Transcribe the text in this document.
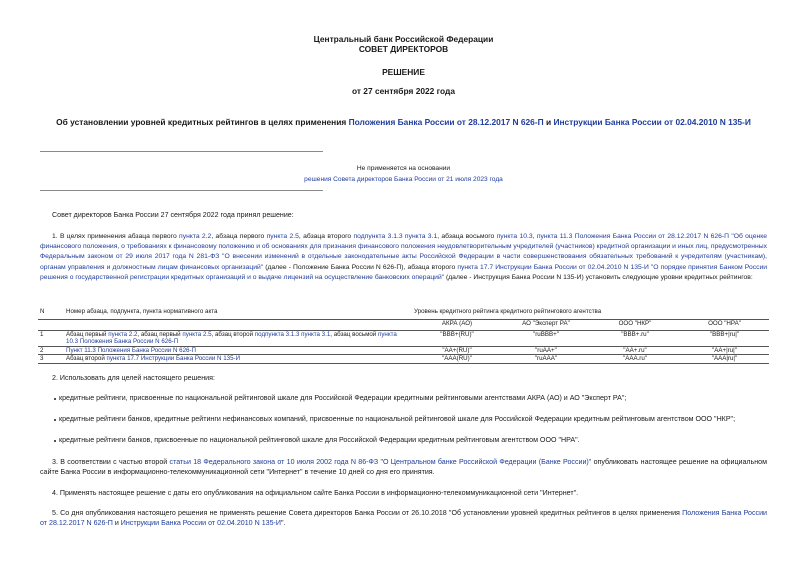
Центральный банк Российской Федерации
СОВЕТ ДИРЕКТОРОВ
РЕШЕНИЕ
от 27 сентября 2022 года
Об установлении уровней кредитных рейтингов в целях применения Положения Банка России от 28.12.2017 N 626-П и Инструкции Банка России от 02.04.2010 N 135-И
Не применяется на основании
решения Совета директоров Банка России от 21 июля 2023 года
Совет директоров Банка России 27 сентября 2022 года принял решение:
1. В целях применения абзаца первого пункта 2.2, абзаца первого пункта 2.5, абзаца второго подпункта 3.1.3 пункта 3.1, абзаца восьмого пункта 10.3, пункта 11.3 Положения Банка России от 28.12.2017 N 626-П "Об оценке финансового положения, о требованиях к финансовому положению и об основаниях для признания финансового положения неудовлетворительным учредителей (участников) кредитной организации и иных лиц, предусмотренных Федеральным законом от 29 июля 2017 года N 281-ФЗ "О внесении изменений в отдельные законодательные акты Российской Федерации в части совершенствования обязательных требований к учредителям (участникам), органам управления и должностным лицам финансовых организаций" (далее - Положение Банка России N 626-П), абзаца второго пункта 17.7 Инструкции Банка России от 02.04.2010 N 135-И "О порядке принятия Банком России решения о государственной регистрации кредитных организаций и о выдаче лицензий на осуществление банковских операций" (далее - Инструкция Банка России N 135-И) установить следующие уровни кредитных рейтингов:
N	Номер абзаца, подпункта, пункта нормативного акта	Уровень кредитного рейтинга кредитного рейтингового агентства			
		АКРА (АО)	АО "Эксперт РА"	ООО "НКР"	ООО "НРА"
1	Абзац первый пункта 2.2, абзац первый пункта 2.5, абзац второй подпункта 3.1.3 пункта 3.1, абзац восьмой пункта 10.3 Положения Банка России N 626-П	"BBB+(RU)"	"ruBBB+"	"BBB+.ru"	"BBB+|ru|"
2	Пункт 11.3 Положения Банка России N 626-П	"AA+(RU)"	"ruAA+"	"AA+.ru"	"AA+|ru|"
3	Абзац второй пункта 17.7 Инструкции Банка России N 135-И	"AAA(RU)"	"ruAAA"	"AAA.ru"	"AAA|ru|"
2. Использовать для целей настоящего решения:
кредитные рейтинги, присвоенные по национальной рейтинговой шкале для Российской Федерации кредитными рейтинговыми агентствами АКРА (АО) и АО "Эксперт РА";
кредитные рейтинги банков, кредитные рейтинги нефинансовых компаний, присвоенные по национальной рейтинговой шкале для Российской Федерации кредитным рейтинговым агентством ООО "НКР";
кредитные рейтинги банков, присвоенные по национальной рейтинговой шкале для Российской Федерации кредитным рейтинговым агентством ООО "НРА".
3. В соответствии с частью второй статьи 18 Федерального закона от 10 июля 2002 года N 86-ФЗ "О Центральном банке Российской Федерации (Банке России)" опубликовать настоящее решение на официальном сайте Банка России в информационно-телекоммуникационной сети "Интернет" в течение 10 дней со дня его принятия.
4. Применять настоящее решение с даты его опубликования на официальном сайте Банка России в информационно-телекоммуникационной сети "Интернет".
5. Со дня опубликования настоящего решения не применять решение Совета директоров Банка России от 26.10.2018 "Об установлении уровней кредитных рейтингов в целях применения Положения Банка России от 28.12.2017 N 626-П и Инструкции Банка России от 02.04.2010 N 135-И".
